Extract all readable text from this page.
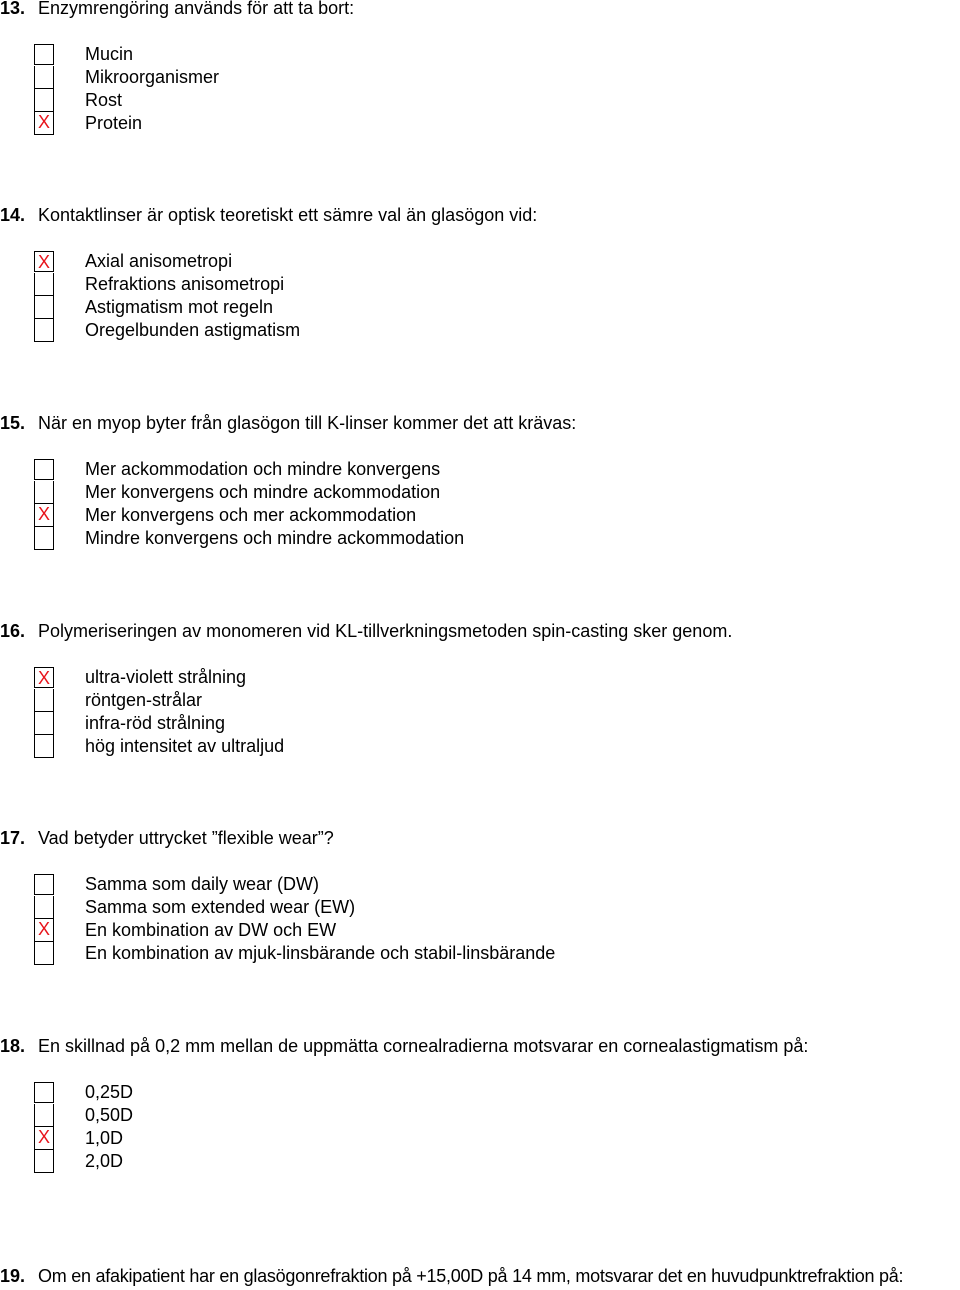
13. Enzymrengöring används för att ta bort:
Mucin
Mikroorganismer
Rost
X Protein
14. Kontaktlinser är optisk teoretiskt ett sämre val än glasögon vid:
X Axial anisometropi
Refraktions anisometropi
Astigmatism mot regeln
Oregelbunden astigmatism
15. När en myop byter från glasögon till K-linser kommer det att krävas:
Mer ackommodation och mindre konvergens
Mer konvergens och mindre ackommodation
X Mer konvergens och mer ackommodation
Mindre konvergens och mindre ackommodation
16. Polymeriseringen av monomeren vid KL-tillverkningsmetoden spin-casting sker genom.
X ultra-violett strålning
röntgen-strålar
infra-röd strålning
hög intensitet av ultraljud
17. Vad betyder uttrycket ”flexible wear”?
Samma som daily wear (DW)
Samma som extended wear (EW)
X En kombination av DW och EW
En kombination av mjuk-linsbärande och stabil-linsbärande
18. En skillnad på 0,2 mm mellan de uppmätta cornealradierna motsvarar en cornealastigmatism på:
0,25D
0,50D
X 1,0D
2,0D
19. Om en afakipatient har en glasögonrefraktion på +15,00D på 14 mm, motsvarar det en huvudpunktrefraktion på:
